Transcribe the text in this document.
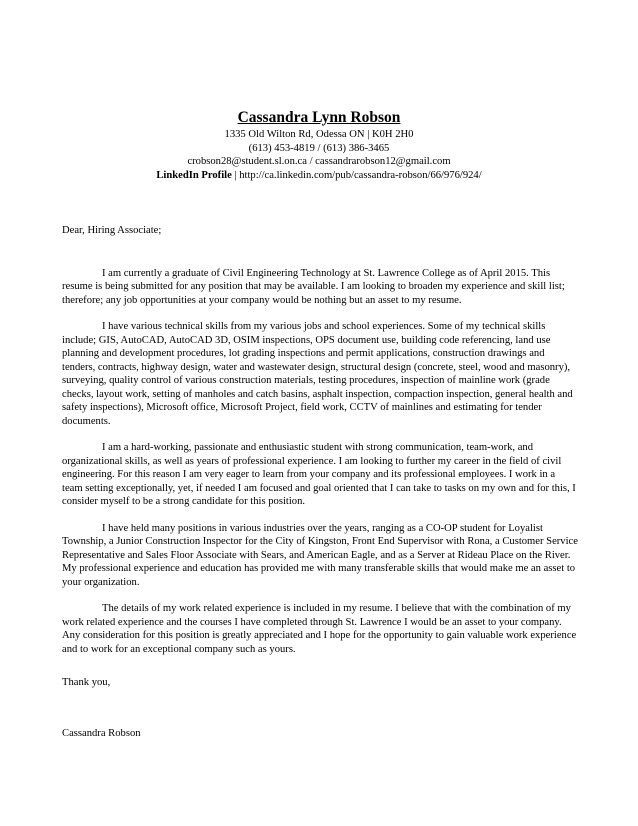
Cassandra Lynn Robson

1335 Old Wilton Rd, Odessa ON | K0H 2H0

(613) 453-4819 / (613) 386-3465

crobson28@student.sl.on.ca / cassandrarobson12@gmail.com

LinkedIn Profile | http://ca.linkedin.com/pub/cassandra-robson/66/976/924/

Dear, Hiring Associate;

I am currently a graduate of Civil Engineering Technology at St. Lawrence College as of April 2015. This resume is being submitted for any position that may be available. I am looking to broaden my experience and skill list; therefore; any job opportunities at your company would be nothing but an asset to my resume.

I have various technical skills from my various jobs and school experiences. Some of my technical skills include; GIS, AutoCAD, AutoCAD 3D, OSIM inspections, OPS document use, building code referencing, land use planning and development procedures, lot grading inspections and permit applications, construction drawings and tenders, contracts, highway design, water and wastewater design, structural design (concrete, steel, wood and masonry), surveying, quality control of various construction materials, testing procedures, inspection of mainline work (grade checks, layout work, setting of manholes and catch basins, asphalt inspection, compaction inspection, general health and safety inspections), Microsoft office, Microsoft Project, field work, CCTV of mainlines and estimating for tender documents.

I am a hard-working, passionate and enthusiastic student with strong communication, team-work, and organizational skills, as well as years of professional experience. I am looking to further my career in the field of civil engineering. For this reason I am very eager to learn from your company and its professional employees. I work in a team setting exceptionally, yet, if needed I am focused and goal oriented that I can take to tasks on my own and for this, I consider myself to be a strong candidate for this position.

I have held many positions in various industries over the years, ranging as a CO-OP student for Loyalist Township, a Junior Construction Inspector for the City of Kingston, Front End Supervisor with Rona, a Customer Service Representative and Sales Floor Associate with Sears, and American Eagle, and as a Server at Rideau Place on the River. My professional experience and education has provided me with many transferable skills that would make me an asset to your organization.

The details of my work related experience is included in my resume. I believe that with the combination of my work related experience and the courses I have completed through St. Lawrence I would be an asset to your company. Any consideration for this position is greatly appreciated and I hope for the opportunity to gain valuable work experience and to work for an exceptional company such as yours.

Thank you,

Cassandra Robson
